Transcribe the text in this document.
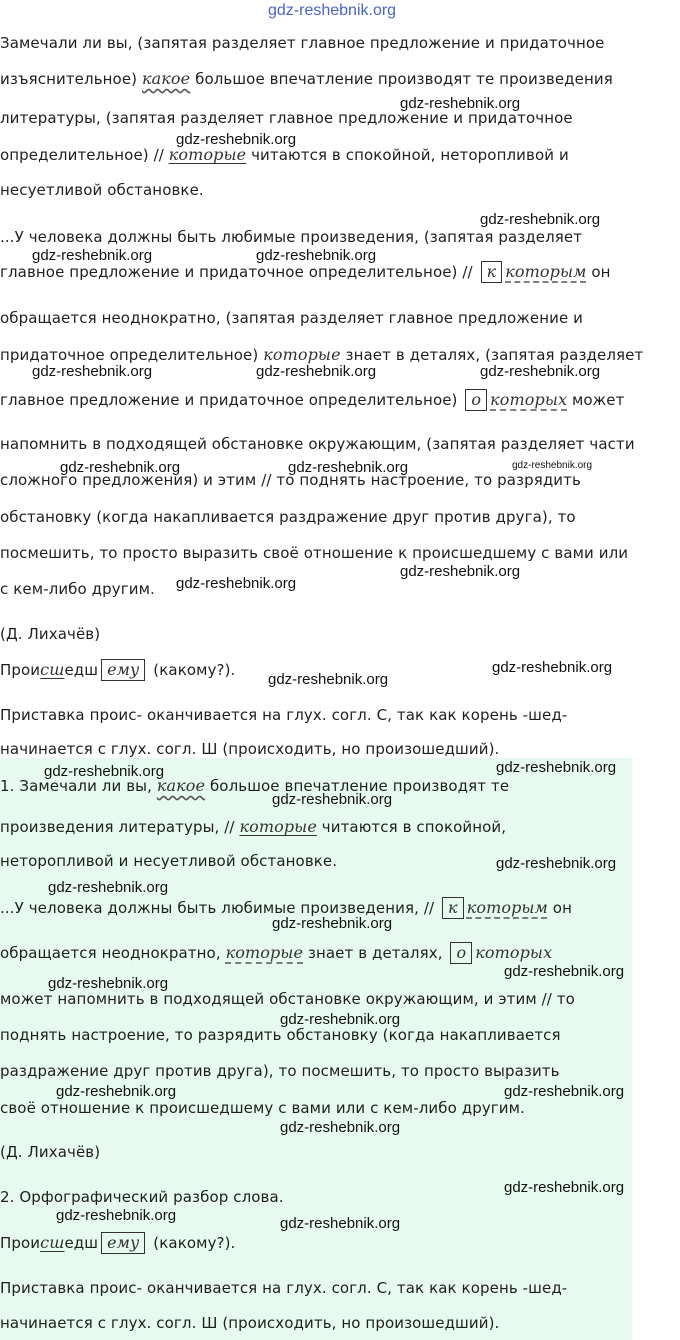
Замечали ли вы, (запятая разделяет главное предложение и придаточное
изъяснительное) какое большое впечатление производят те произведения
литературы, (запятая разделяет главное предложение и придаточное
определительное) // которые читаются в спокойной, неторопливой и
несуетливой обстановке.
...У человека должны быть любимые произведения, (запятая разделяет
главное предложение и придаточное определительное) // к которым он
обращается неоднократно, (запятая разделяет главное предложение и
придаточное определительное) которые знает в деталях, (запятая разделяет
главное предложение и придаточное определительное) о которых может
напомнить в подходящей обстановке окружающим, (запятая разделяет части
сложного предложения) и этим // то поднять настроение, то разрядить
обстановку (когда накапливается раздражение друг против друга), то
посмешить, то просто выразить своё отношение к происшедшему с вами или
с кем-либо другим.
(Д. Лихачёв)
Происшедш ему (какому?).
Приставка проис- оканчивается на глух. согл. С, так как корень -шед-
начинается с глух. согл. Ш (происходить, но произошедший).
1. Замечали ли вы, какое большое впечатление производят те
произведения литературы, // которые читаются в спокойной,
неторопливой и несуетливой обстановке.
...У человека должны быть любимые произведения, // к которым он
обращается неоднократно, которые знает в деталях, о которых
может напомнить в подходящей обстановке окружающим, и этим // то
поднять настроение, то разрядить обстановку (когда накапливается
раздражение друг против друга), то посмешить, то просто выразить
своё отношение к происшедшему с вами или с кем-либо другим.
(Д. Лихачёв)
2. Орфографический разбор слова.
Происшедш ему (какому?).
Приставка проис- оканчивается на глух. согл. С, так как корень -шед-
начинается с глух. согл. Ш (происходить, но произошедший).
gdz-reshebnik.org
gdz-reshebnik.org
gdz-reshebnik.org
gdz-reshebnik.org
gdz-reshebnik.org	gdz-reshebnik.org
gdz-reshebnik.org	gdz-reshebnik.org	gdz-reshebnik.org
gdz-reshebnik.org	gdz-reshebnik.org	gdz-reshebnik.org
gdz-reshebnik.org
gdz-reshebnik.org
gdz-reshebnik.org
gdz-reshebnik.org
gdz-reshebnik.org	gdz-reshebnik.org
gdz-reshebnik.org
gdz-reshebnik.org
gdz-reshebnik.org
gdz-reshebnik.org
gdz-reshebnik.org
gdz-reshebnik.org
gdz-reshebnik.org
gdz-reshebnik.org	gdz-reshebnik.org
gdz-reshebnik.org
gdz-reshebnik.org
gdz-reshebnik.org	gdz-reshebnik.org
